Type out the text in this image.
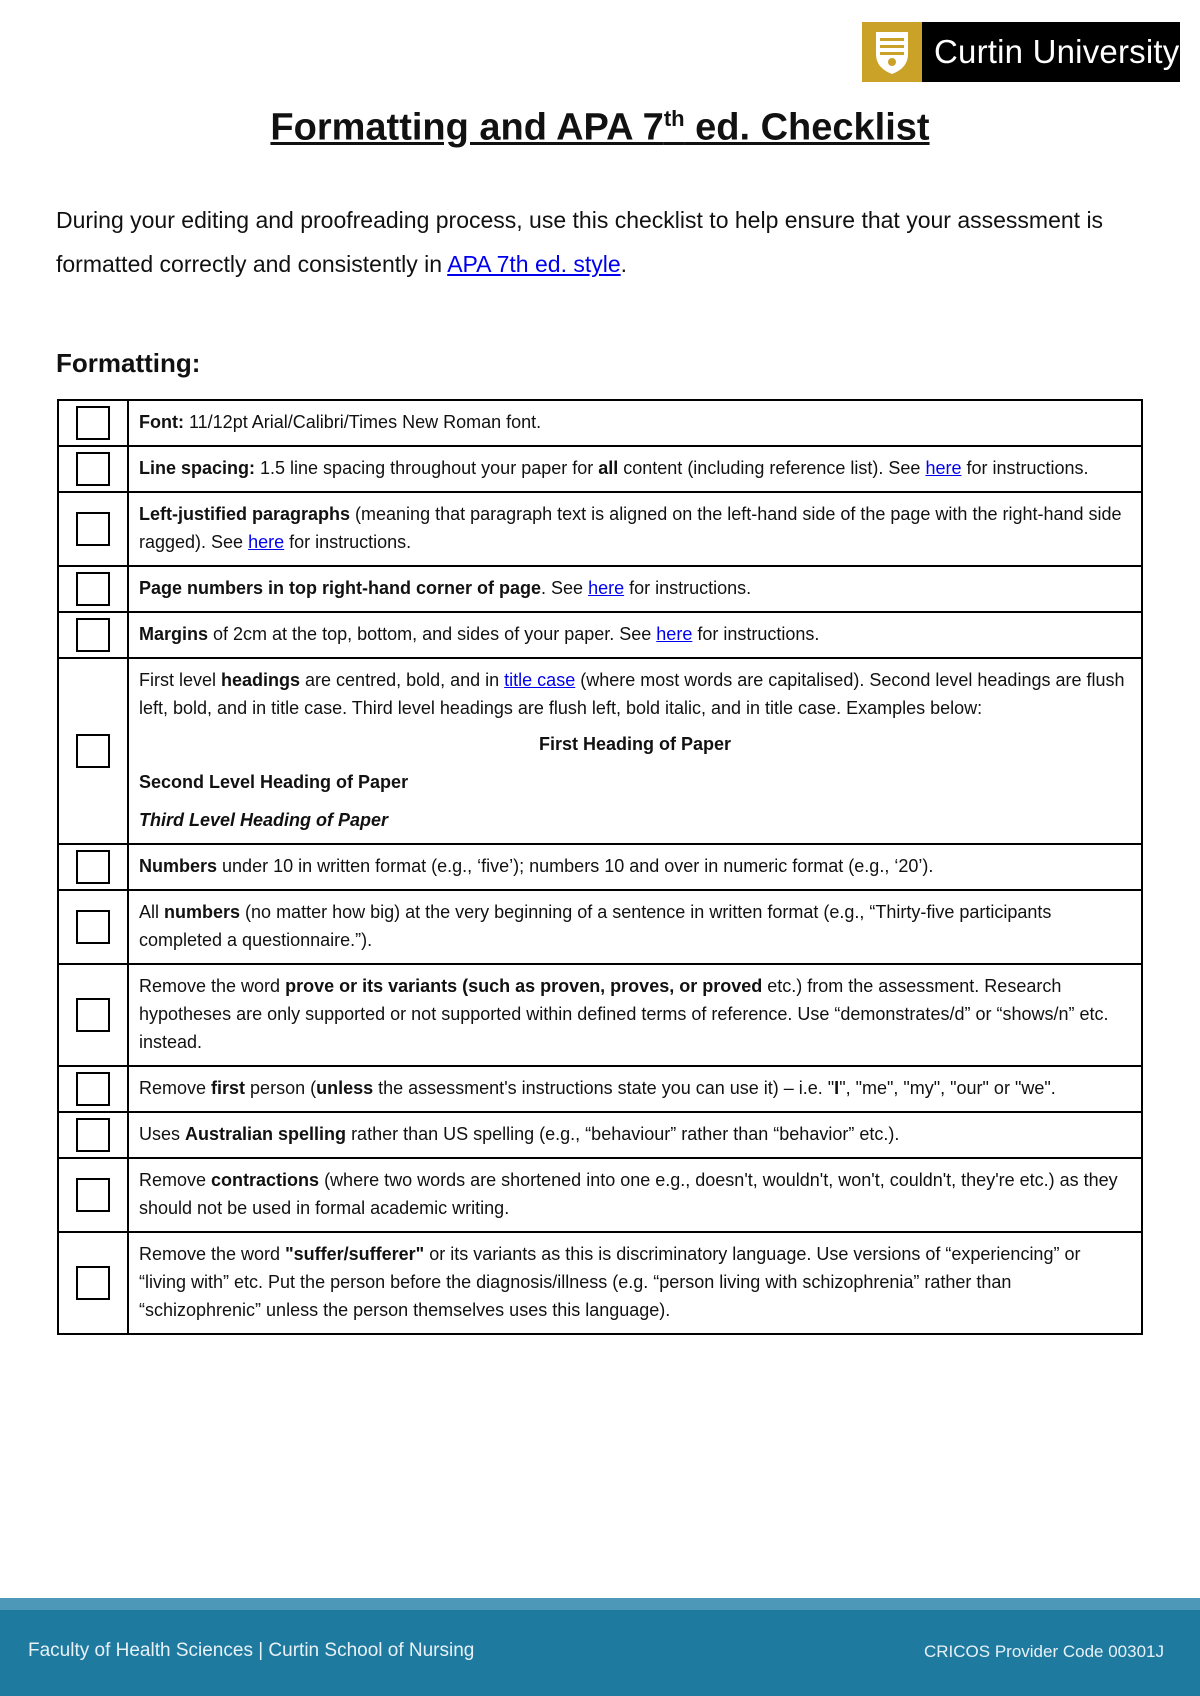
Curtin University
Formatting and APA 7th ed. Checklist

During your editing and proofreading process, use this checklist to help ensure that your assessment is formatted correctly and consistently in APA 7th ed. style.

Formatting:
	Font: 11/12pt Arial/Calibri/Times New Roman font.
	Line spacing: 1.5 line spacing throughout your paper for all content (including reference list). See here for instructions.
	Left-justified paragraphs (meaning that paragraph text is aligned on the left-hand side of the page with the right-hand side ragged). See here for instructions.
	Page numbers in top right-hand corner of page. See here for instructions.
	Margins of 2cm at the top, bottom, and sides of your paper. See here for instructions.

	First level headings are centred, bold, and in title case (where most words are capitalised). Second level headings are flush left, bold, and in title case. Third level headings are flush left, bold italic, and in title case. Examples below:
First Heading of Paper
Second Level Heading of Paper
Third Level Heading of Paper

	Numbers under 10 in written format (e.g., ‘five’); numbers 10 and over in numeric format (e.g., ‘20’).
	All numbers (no matter how big) at the very beginning of a sentence in written format (e.g., “Thirty-five participants completed a questionnaire.”).
	Remove the word prove or its variants (such as proven, proves, or proved etc.) from the assessment. Research hypotheses are only supported or not supported within defined terms of reference. Use “demonstrates/d” or “shows/n” etc. instead.
	Remove first person (unless the assessment's instructions state you can use it) – i.e. "I", "me", "my", "our" or "we".
	Uses Australian spelling rather than US spelling (e.g., “behaviour” rather than “behavior” etc.).
	Remove contractions (where two words are shortened into one e.g., doesn't, wouldn't, won't, couldn't, they're etc.) as they should not be used in formal academic writing.
	Remove the word "suffer/sufferer" or its variants as this is discriminatory language. Use versions of “experiencing” or “living with” etc. Put the person before the diagnosis/illness (e.g. “person living with schizophrenia” rather than “schizophrenic” unless the person themselves uses this language).
Faculty of Health Sciences | Curtin School of Nursing	CRICOS Provider Code 00301J
